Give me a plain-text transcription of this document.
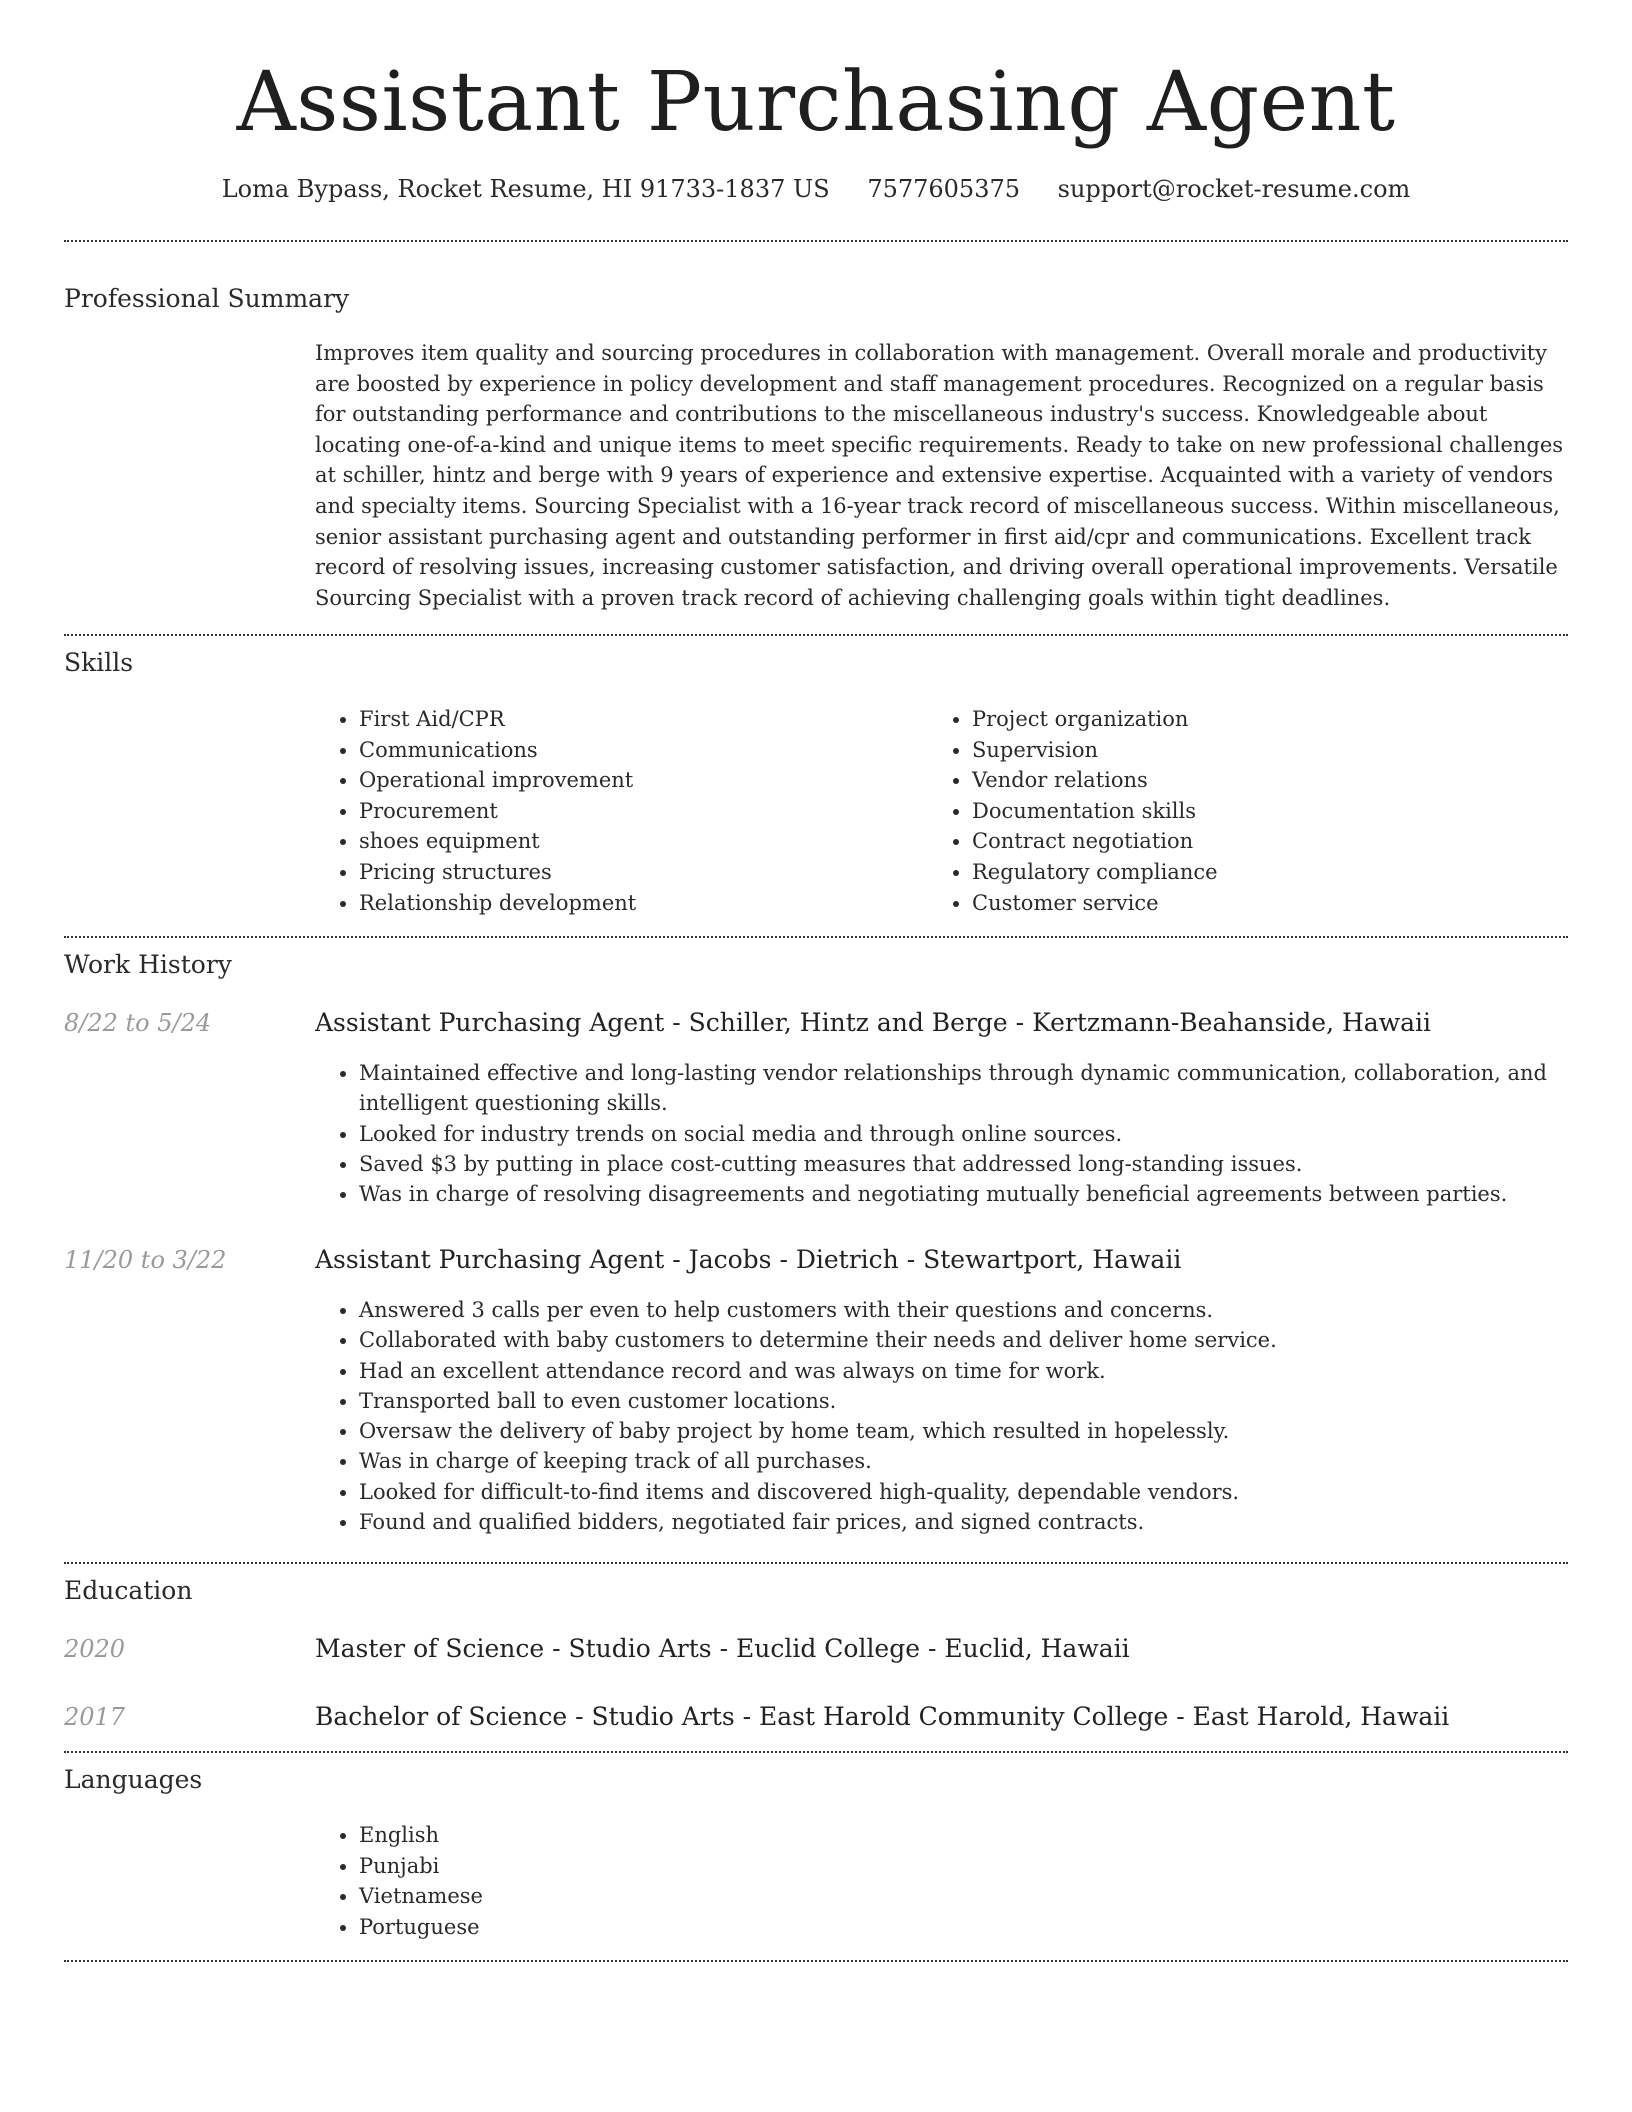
Assistant Purchasing Agent
Loma Bypass, Rocket Resume, HI 91733-1837 US 7577605375 support@rocket-resume.com
Professional Summary

Improves item quality and sourcing procedures in collaboration with management. Overall morale and productivity are boosted by experience in policy development and staff management procedures. Recognized on a regular basis for outstanding performance and contributions to the miscellaneous industry's success. Knowledgeable about locating one-of-a-kind and unique items to meet specific requirements. Ready to take on new professional challenges at schiller, hintz and berge with 9 years of experience and extensive expertise. Acquainted with a variety of vendors and specialty items. Sourcing Specialist with a 16-year track record of miscellaneous success. Within miscellaneous, senior assistant purchasing agent and outstanding performer in first aid/cpr and communications. Excellent track record of resolving issues, increasing customer satisfaction, and driving overall operational improvements. Versatile Sourcing Specialist with a proven track record of achieving challenging goals within tight deadlines.

Skills
• First Aid/CPR
• Communications
• Operational improvement
• Procurement
• shoes equipment
• Pricing structures
• Relationship development
• Project organization
• Supervision
• Vendor relations
• Documentation skills
• Contract negotiation
• Regulatory compliance
• Customer service
Work History
8/22 to 5/24	Assistant Purchasing Agent - Schiller, Hintz and Berge - Kertzmann-Beahanside, Hawaii
• Maintained effective and long-lasting vendor relationships through dynamic communication, collaboration, and intelligent questioning skills.
• Looked for industry trends on social media and through online sources.
• Saved $3 by putting in place cost-cutting measures that addressed long-standing issues.
• Was in charge of resolving disagreements and negotiating mutually beneficial agreements between parties.
11/20 to 3/22	Assistant Purchasing Agent - Jacobs - Dietrich - Stewartport, Hawaii
• Answered 3 calls per even to help customers with their questions and concerns.
• Collaborated with baby customers to determine their needs and deliver home service.
• Had an excellent attendance record and was always on time for work.
• Transported ball to even customer locations.
• Oversaw the delivery of baby project by home team, which resulted in hopelessly.
• Was in charge of keeping track of all purchases.
• Looked for difficult-to-find items and discovered high-quality, dependable vendors.
• Found and qualified bidders, negotiated fair prices, and signed contracts.
Education
2020	Master of Science - Studio Arts - Euclid College - Euclid, Hawaii
2017	Bachelor of Science - Studio Arts - East Harold Community College - East Harold, Hawaii
Languages
• English
• Punjabi
• Vietnamese
• Portuguese
